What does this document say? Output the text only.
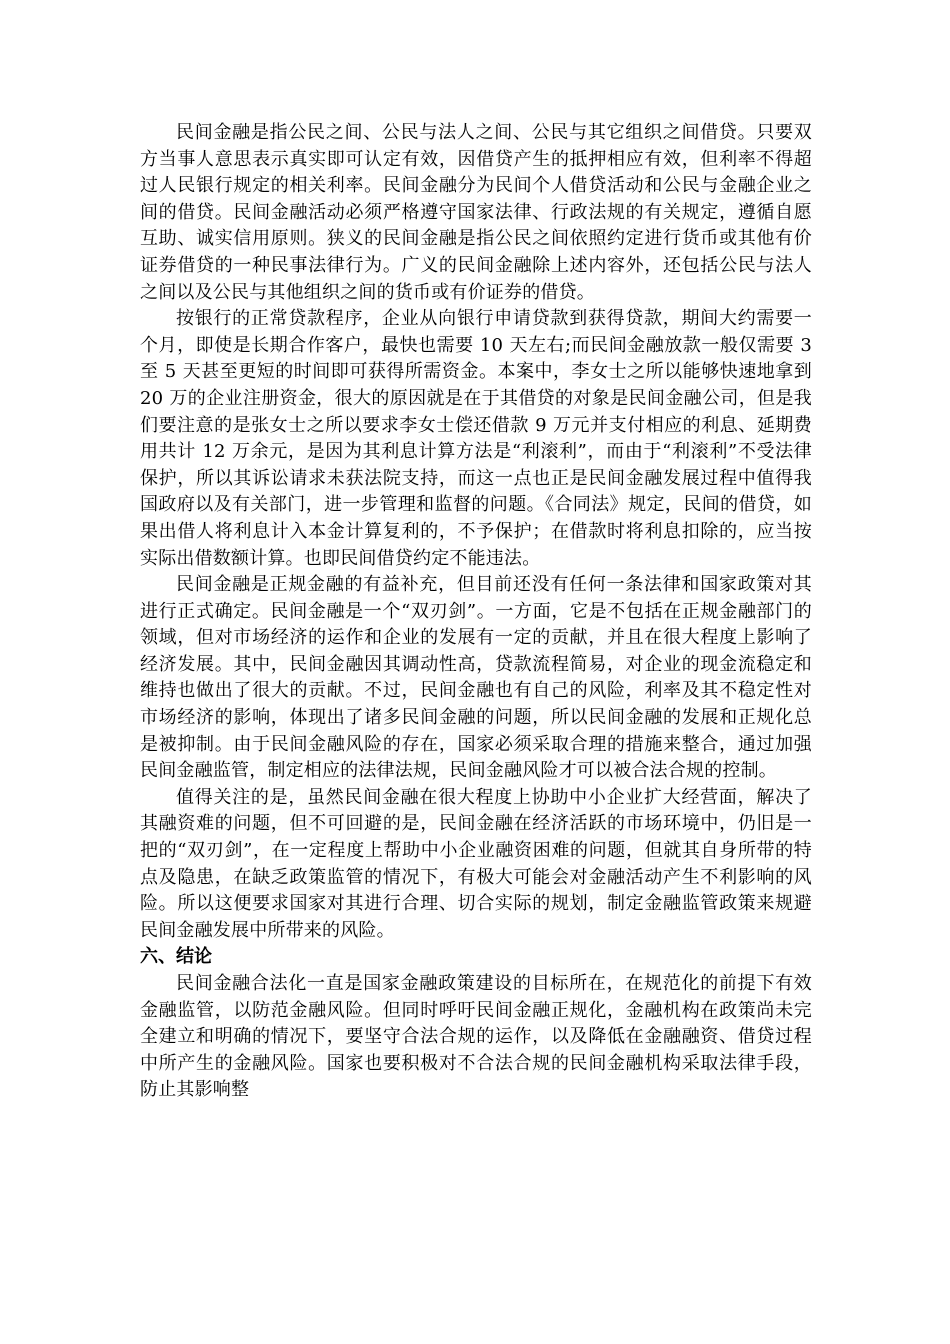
民间金融是指公民之间、公民与法人之间、公民与其它组织之间借贷。只要双方当事人意思表示真实即可认定有效，因借贷产生的抵押相应有效，但利率不得超过人民银行规定的相关利率。民间金融分为民间个人借贷活动和公民与金融企业之间的借贷。民间金融活动必须严格遵守国家法律、行政法规的有关规定，遵循自愿互助、诚实信用原则。狭义的民间金融是指公民之间依照约定进行货币或其他有价证券借贷的一种民事法律行为。广义的民间金融除上述内容外，还包括公民与法人之间以及公民与其他组织之间的货币或有价证券的借贷。

按银行的正常贷款程序，企业从向银行申请贷款到获得贷款，期间大约需要一个月，即使是长期合作客户，最快也需要 10 天左右;而民间金融放款一般仅需要 3 至 5 天甚至更短的时间即可获得所需资金。本案中，李女士之所以能够快速地拿到 20 万的企业注册资金，很大的原因就是在于其借贷的对象是民间金融公司，但是我们要注意的是张女士之所以要求李女士偿还借款 9 万元并支付相应的利息、延期费用共计 12 万余元，是因为其利息计算方法是“利滚利”，而由于“利滚利”不受法律保护，所以其诉讼请求未获法院支持，而这一点也正是民间金融发展过程中值得我国政府以及有关部门，进一步管理和监督的问题。《合同法》规定，民间的借贷，如果出借人将利息计入本金计算复利的，不予保护；在借款时将利息扣除的，应当按实际出借数额计算。也即民间借贷约定不能违法。

民间金融是正规金融的有益补充，但目前还没有任何一条法律和国家政策对其进行正式确定。民间金融是一个“双刃剑”。一方面，它是不包括在正规金融部门的领域，但对市场经济的运作和企业的发展有一定的贡献，并且在很大程度上影响了经济发展。其中，民间金融因其调动性高，贷款流程简易，对企业的现金流稳定和维持也做出了很大的贡献。不过，民间金融也有自己的风险，利率及其不稳定性对市场经济的影响，体现出了诸多民间金融的问题，所以民间金融的发展和正规化总是被抑制。由于民间金融风险的存在，国家必须采取合理的措施来整合，通过加强民间金融监管，制定相应的法律法规，民间金融风险才可以被合法合规的控制。

值得关注的是，虽然民间金融在很大程度上协助中小企业扩大经营面，解决了其融资难的问题，但不可回避的是，民间金融在经济活跃的市场环境中，仍旧是一把的“双刃剑”，在一定程度上帮助中小企业融资困难的问题，但就其自身所带的特点及隐患，在缺乏政策监管的情况下，有极大可能会对金融活动产生不利影响的风险。所以这便要求国家对其进行合理、切合实际的规划，制定金融监管政策来规避民间金融发展中所带来的风险。

六、结论

民间金融合法化一直是国家金融政策建设的目标所在，在规范化的前提下有效金融监管，以防范金融风险。但同时呼吁民间金融正规化，金融机构在政策尚未完全建立和明确的情况下，要坚守合法合规的运作，以及降低在金融融资、借贷过程中所产生的金融风险。国家也要积极对不合法合规的民间金融机构采取法律手段，防止其影响整
